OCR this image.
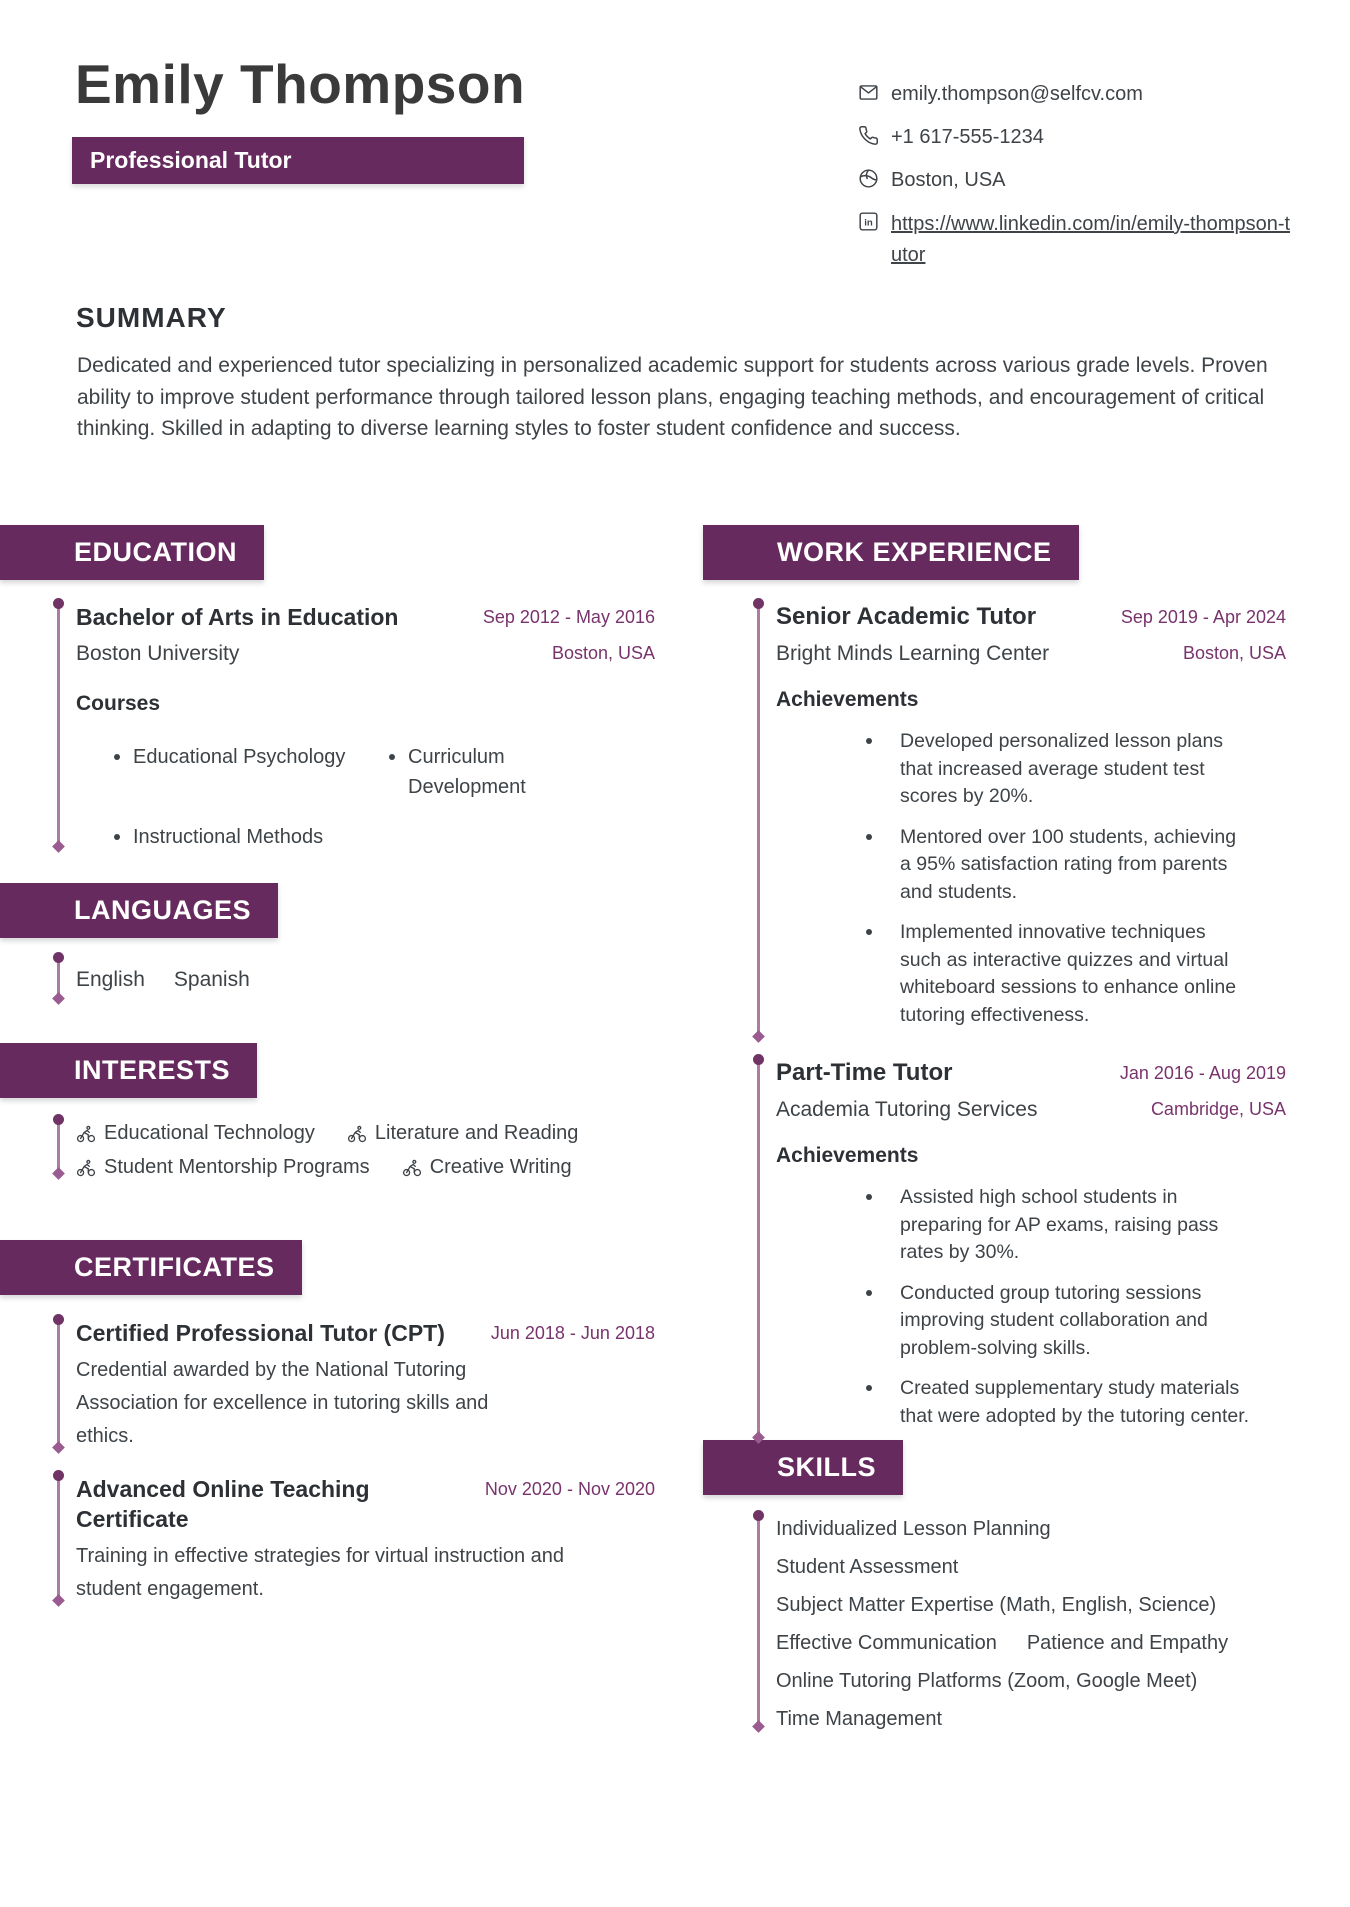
Emily Thompson
Professional Tutor
emily.thompson@selfcv.com
+1 617-555-1234
Boston, USA
in https://www.linkedin.com/in/emily-thompson-tutor
SUMMARY
Dedicated and experienced tutor specializing in personalized academic support for students across various grade levels. Proven ability to improve student performance through tailored lesson plans, engaging teaching methods, and encouragement of critical thinking. Skilled in adapting to diverse learning styles to foster student confidence and success.
EDUCATION	WORK EXPERIENCE
LANGUAGES
INTERESTS
CERTIFICATES
SKILLS
Bachelor of Arts in Education	Sep 2012 - May 2016
Boston University	Boston, USA
Courses
Educational Psychology	Curriculum Development
Instructional Methods
English Spanish
Educational Technology	Literature and Reading
Student Mentorship Programs	Creative Writing
Certified Professional Tutor (CPT)	Jun 2018 - Jun 2018
Credential awarded by the National Tutoring Association for excellence in tutoring skills and ethics.
Advanced Online Teaching Certificate
Nov 2020 - Nov 2020
Training in effective strategies for virtual instruction and student engagement.
Senior Academic Tutor	Sep 2019 - Apr 2024
Bright Minds Learning Center	Boston, USA
Achievements
Developed personalized lesson plans that increased average student test scores by 20%.
Mentored over 100 students, achieving a 95% satisfaction rating from parents and students.
Implemented innovative techniques such as interactive quizzes and virtual whiteboard sessions to enhance online tutoring effectiveness.
Part-Time Tutor	Jan 2016 - Aug 2019
Academia Tutoring Services	Cambridge, USA
Achievements
Assisted high school students in preparing for AP exams, raising pass rates by 30%.
Conducted group tutoring sessions improving student collaboration and problem-solving skills.
Created supplementary study materials that were adopted by the tutoring center.
Individualized Lesson Planning
Student Assessment
Subject Matter Expertise (Math, English, Science)
Effective Communication Patience and Empathy
Online Tutoring Platforms (Zoom, Google Meet)
Time Management
